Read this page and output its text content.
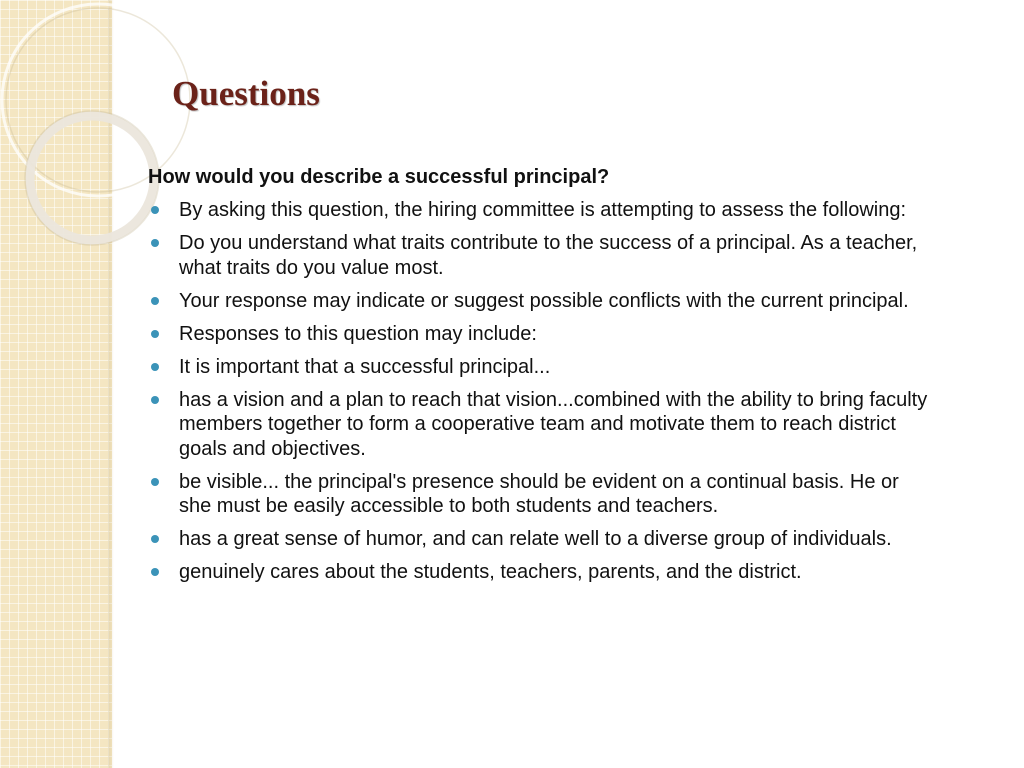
Questions

How would you describe a successful principal?

By asking this question, the hiring committee is attempting to assess the following:
Do you understand what traits contribute to the success of a principal. As a teacher, what traits do you value most.
Your response may indicate or suggest possible conflicts with the current principal.
Responses to this question may include:
It is important that a successful principal...
has a vision and a plan to reach that vision...combined with the ability to bring faculty members together to form a cooperative team and motivate them to reach district goals and objectives.
be visible... the principal's presence should be evident on a continual basis. He or she must be easily accessible to both students and teachers.
has a great sense of humor, and can relate well to a diverse group of individuals.
genuinely cares about the students, teachers, parents, and the district.
